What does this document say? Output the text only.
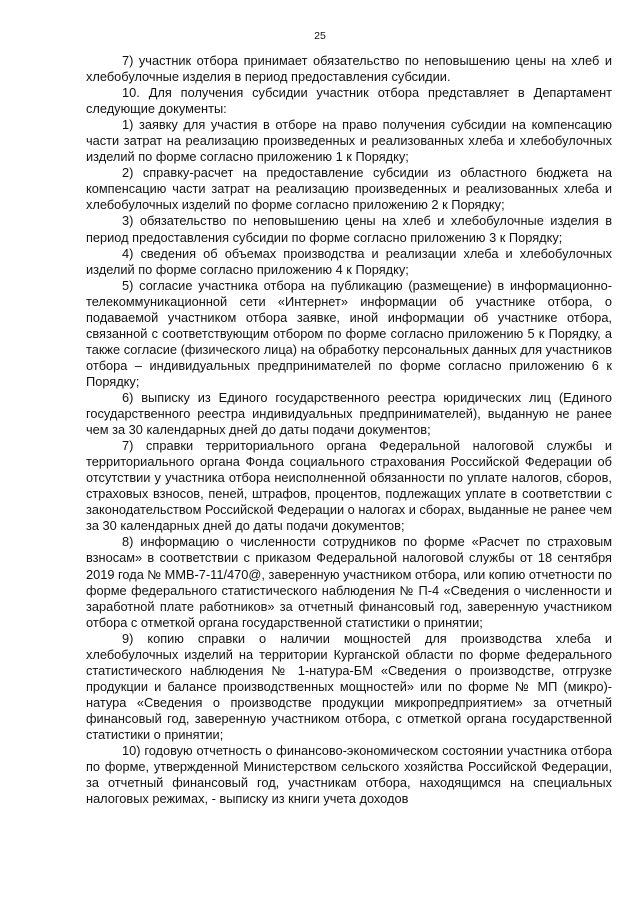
25

7) участник отбора принимает обязательство по неповышению цены на хлеб и хлебобулочные изделия в период предоставления субсидии.

10. Для получения субсидии участник отбора представляет в Департамент следующие документы:

1) заявку для участия в отборе на право получения субсидии на компенсацию части затрат на реализацию произведенных и реализованных хлеба и хлебобулочных изделий по форме согласно приложению 1 к Порядку;

2) справку-расчет на предоставление субсидии из областного бюджета на компенсацию части затрат на реализацию произведенных и реализованных хлеба и хлебобулочных изделий по форме согласно приложению 2 к Порядку;

3) обязательство по неповышению цены на хлеб и хлебобулочные изделия в период предоставления субсидии по форме согласно приложению 3 к Порядку;

4) сведения об объемах производства и реализации хлеба и хлебобулочных изделий по форме согласно приложению 4 к Порядку;

5) согласие участника отбора на публикацию (размещение) в информационно-телекоммуникационной сети «Интернет» информации об участнике отбора, о подаваемой участником отбора заявке, иной информации об участнике отбора, связанной с соответствующим отбором по форме согласно приложению 5 к Порядку, а также согласие (физического лица) на обработку персональных данных для участников отбора – индивидуальных предпринимателей по форме согласно приложению 6 к Порядку;

6) выписку из Единого государственного реестра юридических лиц (Единого государственного реестра индивидуальных предпринимателей), выданную не ранее чем за 30 календарных дней до даты подачи документов;

7) справки территориального органа Федеральной налоговой службы и территориального органа Фонда социального страхования Российской Федерации об отсутствии у участника отбора неисполненной обязанности по уплате налогов, сборов, страховых взносов, пеней, штрафов, процентов, подлежащих уплате в соответствии с законодательством Российской Федерации о налогах и сборах, выданные не ранее чем за 30 календарных дней до даты подачи документов;

8) информацию о численности сотрудников по форме «Расчет по страховым взносам» в соответствии с приказом Федеральной налоговой службы от 18 сентября 2019 года № ММВ-7-11/470@, заверенную участником отбора, или копию отчетности по форме федерального статистического наблюдения № П-4 «Сведения о численности и заработной плате работников» за отчетный финансовый год, заверенную участником отбора с отметкой органа государственной статистики о принятии;

9) копию справки о наличии мощностей для производства хлеба и хлебобулочных изделий на территории Курганской области по форме федерального статистического наблюдения № 1-натура-БМ «Сведения о производстве, отгрузке продукции и балансе производственных мощностей» или по форме № МП (микро)-натура «Сведения о производстве продукции микропредприятием» за отчетный финансовый год, заверенную участником отбора, с отметкой органа государственной статистики о принятии;

10) годовую отчетность о финансово-экономическом состоянии участника отбора по форме, утвержденной Министерством сельского хозяйства Российской Федерации, за отчетный финансовый год, участникам отбора, находящимся на специальных налоговых режимах, - выписку из книги учета доходов
